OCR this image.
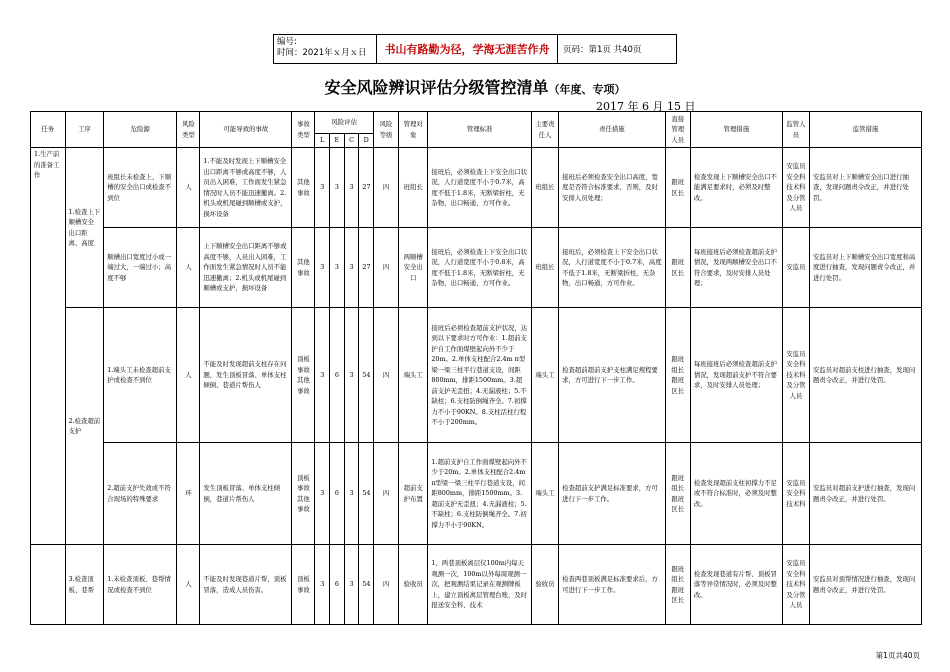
编号:
时间：2021年ｘ月ｘ日	书山有路勤为径，学海无涯苦作舟	页码：第1页 共40页
安全风险辨识评估分级管控清单（年度、专项）
2017 年 6 月 15 日
任务	工序	危险源	风险类型	可能导致的事故	事故类型	风险评估				风险等级	管理对象	管理标准	主要责任人	责任措施	直接管理人员	管理措施	监管人员	监管措施
						L	E	C	D									
1.生产前的准备工作	1.检查上下顺槽安全出口距离、高度	班组长未检查上、下顺槽的安全出口或检查不到位	人	1.不能及时发现上下顺槽安全出口距离不够或高度不够，人员出入困难，工作面发生紧急情况时人员不能迅速撤离。2.机头或机尾碰到顺槽或支护，损坏设备	其他事故	3	3	3	27	四	班组长	接班后，必须检查上下安全出口状况，人行道宽度不小于0.7米，高度不低于1.8米，无断梁折柱，无杂物，出口畅通，方可作业。	班组长	接班后必须检查安全出口高度，宽度是否符合标准要求，否则，及时安排人员处理；	跟班区长	检查发现上下顺槽安全出口不能满足要求时，必须及时整改。	安监员安全科技术科及分管人员	安监员对上下顺槽安全出口进行抽查，发现问题责令改正，并进行处罚。
		顺槽出口宽度过小或一端过大，一端过小；高度不够	人	上下顺槽安全出口距离不够或高度不够，人员出入困难，工作面发生紧急情况时人员不能迅速撤离；2.机头或机尾碰到顺槽或支护，损坏设备	其他事故	3	3	3	27	四	两顺槽安全出口	接班后，必须检查上下安全出口状况，人行道宽度不小于0.8米，高度不低于1.8米，无断梁折柱，无杂物，出口畅通，方可作业。	班组长	接班后，必须检查上下安全出口状况，人行道宽度不小于0.7米，高度不低于1.8米，无断梁折柱，无杂物，出口畅通，方可作业。	跟班区长	每班接班后必须检查超前支护情况，发现两顺槽安全出口不符合要求，及时安排人员处理；	安监员	安监员对上下顺槽安全出口宽度和高度进行抽查，发现问题责令改正，并进行处罚。
	2.检查超前支护	1.端头工未检查超前支护或检查不到位	人	不能及时发现超前支柱存在问题，发生顶板冒落、单体支柱倾倒、巷道片帮伤人	顶板事故其他事故	3	6	3	54	四	端头工	接班后必须检查超前支护状况，达到以下要求时方可作业：1.超前支护自工作面煤壁起向外不少于20m。2.单体支柱配合2.4m π型梁一梁三柱平行巷道支设，间距800mm，排距1500mm。3.超前支护无歪扭；4.无漏液柱；5.不缺柱；6.支柱防倒绳齐全。7.初撑力不小于90KN。8.支柱活柱行程不小于200mm。	端头工	检查超前超前支护支柱满足规程要求，方可进行下一步工作。	跟班组长跟班区长	每班接班后必须检查超前支护情况，发现超前支护不符合要求，及时安排人员处理；	安监员安全科技术科及分管人员	安监员对超前支柱进行抽查，发现问题责令改正，并进行处罚。
		2.超前支护失效或不符合现场的特殊要求	环	发生顶板冒落、单体支柱倾倒，巷道片帮伤人	顶板事故其他事故	3	6	3	54	四	超前支护布置	1.超前支护自工作面煤壁起向外不少于20m。2.单体支柱配合2.4m π型梁一梁三柱平行巷道支设，间距800mm，排距1500mm。3.超前支护无歪扭；4.无漏液柱；5.不缺柱；6.支柱防倒绳齐全。7.初撑力不小于90KN。	端头工	检查超前支护满足标准要求，方可进行下一步工作。	跟班组长跟班区长	检查发现超前支柱初撑力不足或不符合标准时，必须及时整改。	安监员安全科技术科	安监员对超前支护进行抽查，发现问题责令改正，并进行处罚。
	3.检查顶板、巷帮	1.未检查顶板、巷帮情况或检查不到位	人	不能及时发现巷道片帮、顶板冒落，造成人员伤害。	顶板事故	3	6	3	54	四	验收员	1、两巷顶板离层仪100m内每天观测一次，100m以外每周观测一次，把观测结果记录在观测牌板上，建立顶板离层管理台账，及时报送安全科、技术	验收员	检查两巷顶板满足标准要求后，方可进行下一步工作。	跟班组长跟班区长	检查发现巷道有片帮、顶板冒落等异常情况时，必须及时整改。	安监员安全科技术科及分管人员	安监员对顶帮情况进行抽查，发现问题责令改正，并进行处罚。
第1页共40页
